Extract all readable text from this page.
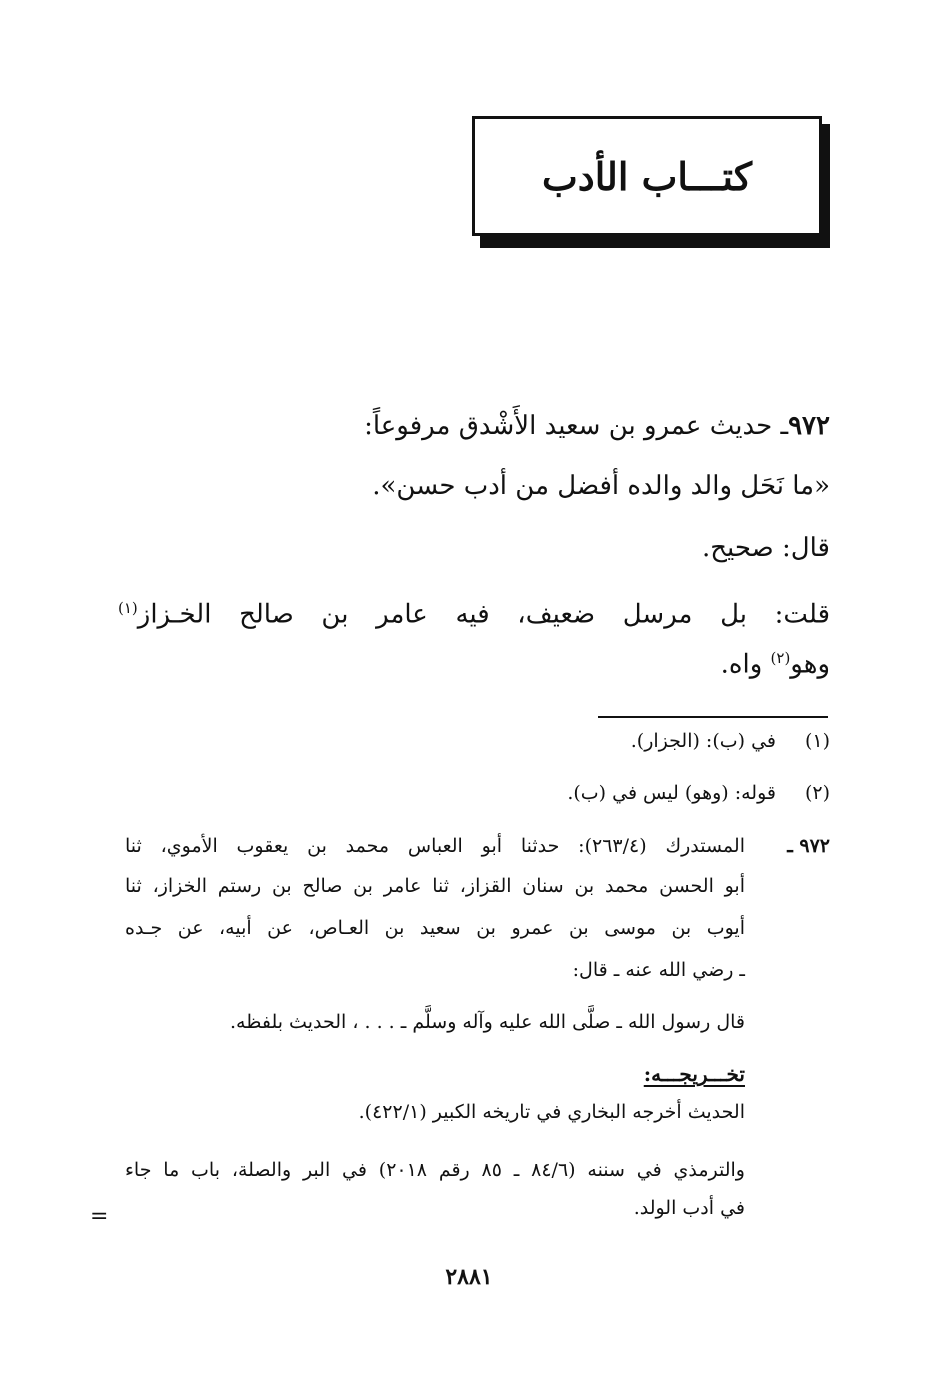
كتـــاب الأدب
٩٧٢ـ حديث عمرو بن سعيد الأَشْدق مرفوعاً:
«ما نَحَل والد والده أفضل من أدب حسن».
قال: صحيح.
قلت: بل مرسل ضعيف، فيه عامر بن صالح الخـزاز$^{(١)}$
وهو$^{(٢)}$ واه.
(١)في (ب): (الجزار).
(٢)قوله: (وهو) ليس في (ب).
٩٧٢ ـ
المستدرك (٢٦٣/٤): حدثنا أبو العباس محمد بن يعقوب الأموي، ثنا
أبو الحسن محمد بن سنان القزاز، ثنا عامر بن صالح بن رستم الخزاز، ثنا
أيوب بن موسى بن عمرو بن سعيد بن العـاص، عن أبيه، عن جـده
ـ رضي الله عنه ـ قال:
قال رسول الله ـ صلَّى الله عليه وآله وسلَّم ـ . . . ، الحديث بلفظه.
تخـــريجـــه:
الحديث أخرجه البخاري في تاريخه الكبير (٤٢٢/١).
والترمذي في سننه (٨٤/٦ ـ ٨٥ رقم ٢٠١٨) في البر والصلة، باب ما جاء
في أدب الولد.
=
٢٨٨١
